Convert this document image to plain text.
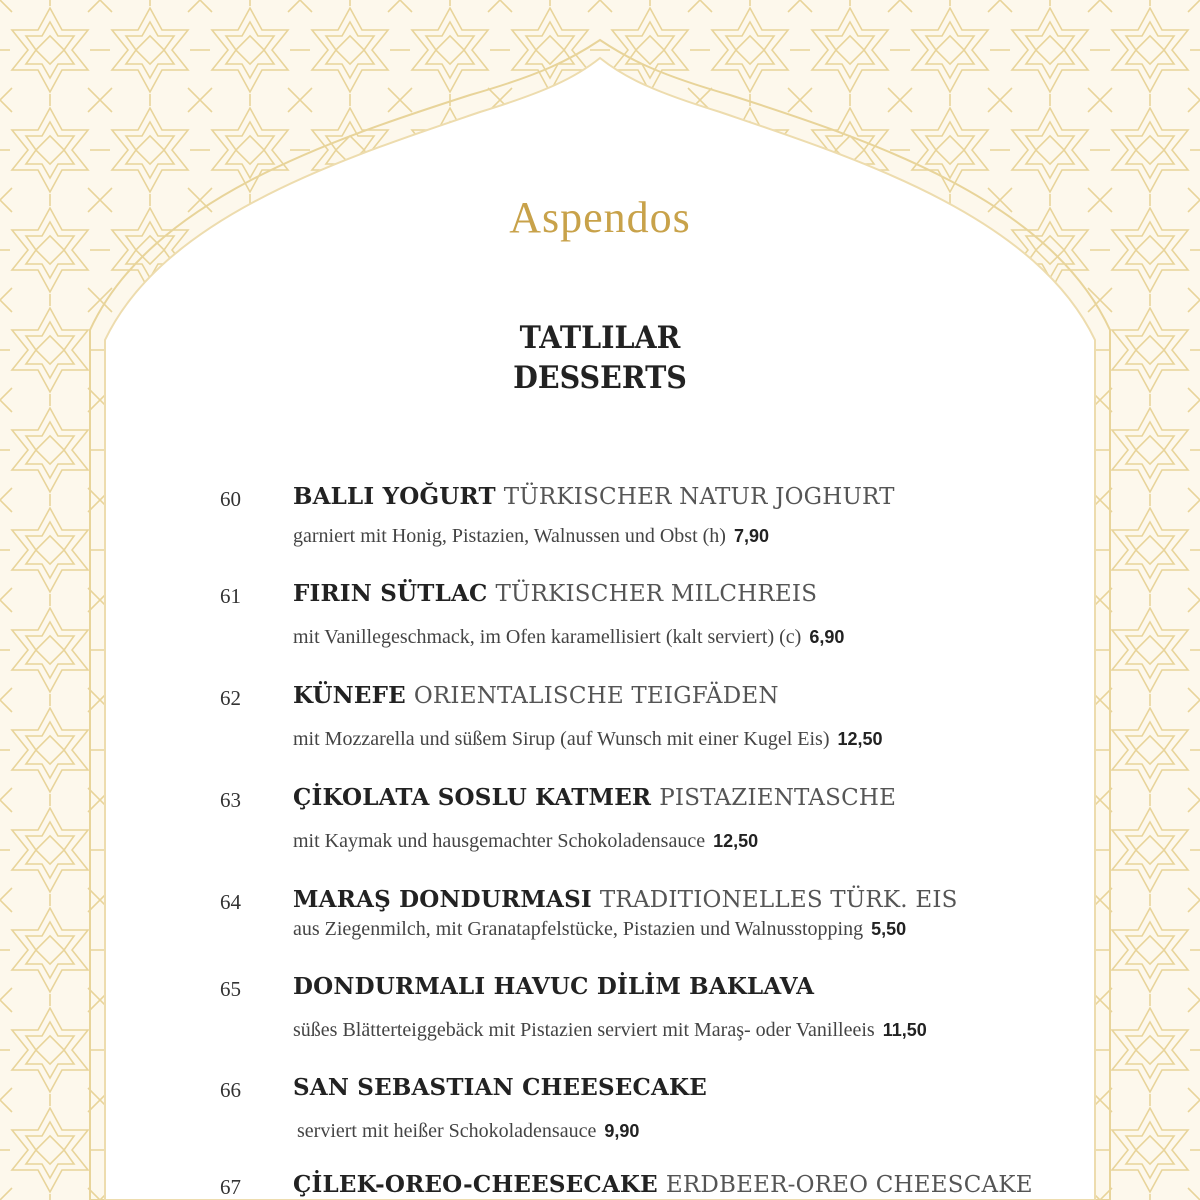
Aspendos
TATLILAR
DESSERTS
60 BALLI YOĞURT TÜRKISCHER NATUR JOGHURT
garniert mit Honig, Pistazien, Walnussen und Obst (h) 7,90
61 FIRIN SÜTLAC TÜRKISCHER MILCHREIS
mit Vanillegeschmack, im Ofen karamellisiert (kalt serviert) (c) 6,90
62 KÜNEFE ORIENTALISCHE TEIGFÄDEN
mit Mozzarella und süßem Sirup (auf Wunsch mit einer Kugel Eis) 12,50
63 ÇİKOLATA SOSLU KATMER PISTAZIENTASCHE
mit Kaymak und hausgemachter Schokoladensauce 12,50
64 MARAŞ DONDURMASI TRADITIONELLES TÜRK. EIS
aus Ziegenmilch, mit Granatapfelstücke, Pistazien und Walnusstopping 5,50
65 DONDURMALI HAVUC DİLİM BAKLAVA
süßes Blätterteiggebäck mit Pistazien serviert mit Maraş- oder Vanilleeis 11,50
66 SAN SEBASTIAN CHEESECAKE
serviert mit heißer Schokoladensauce 9,90
67 ÇİLEK-OREO-CHEESECAKE ERDBEER-OREO CHEESCAKE
